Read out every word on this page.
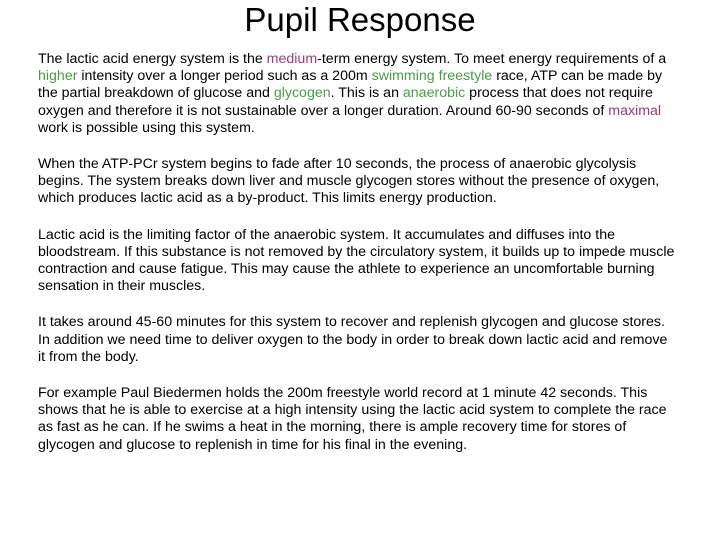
Pupil Response

The lactic acid energy system is the medium-term energy system. To meet energy requirements of a higher intensity over a longer period such as a 200m swimming freestyle race, ATP can be made by the partial breakdown of glucose and glycogen. This is an anaerobic process that does not require oxygen and therefore it is not sustainable over a longer duration. Around 60-90 seconds of maximal work is possible using this system.

When the ATP-PCr system begins to fade after 10 seconds, the process of anaerobic glycolysis begins. The system breaks down liver and muscle glycogen stores without the presence of oxygen, which produces lactic acid as a by-product. This limits energy production.

Lactic acid is the limiting factor of the anaerobic system. It accumulates and diffuses into the bloodstream. If this substance is not removed by the circulatory system, it builds up to impede muscle contraction and cause fatigue. This may cause the athlete to experience an uncomfortable burning sensation in their muscles.

It takes around 45-60 minutes for this system to recover and replenish glycogen and glucose stores. In addition we need time to deliver oxygen to the body in order to break down lactic acid and remove it from the body.

For example Paul Biedermen holds the 200m freestyle world record at 1 minute 42 seconds. This shows that he is able to exercise at a high intensity using the lactic acid system to complete the race as fast as he can. If he swims a heat in the morning, there is ample recovery time for stores of glycogen and glucose to replenish in time for his final in the evening.
